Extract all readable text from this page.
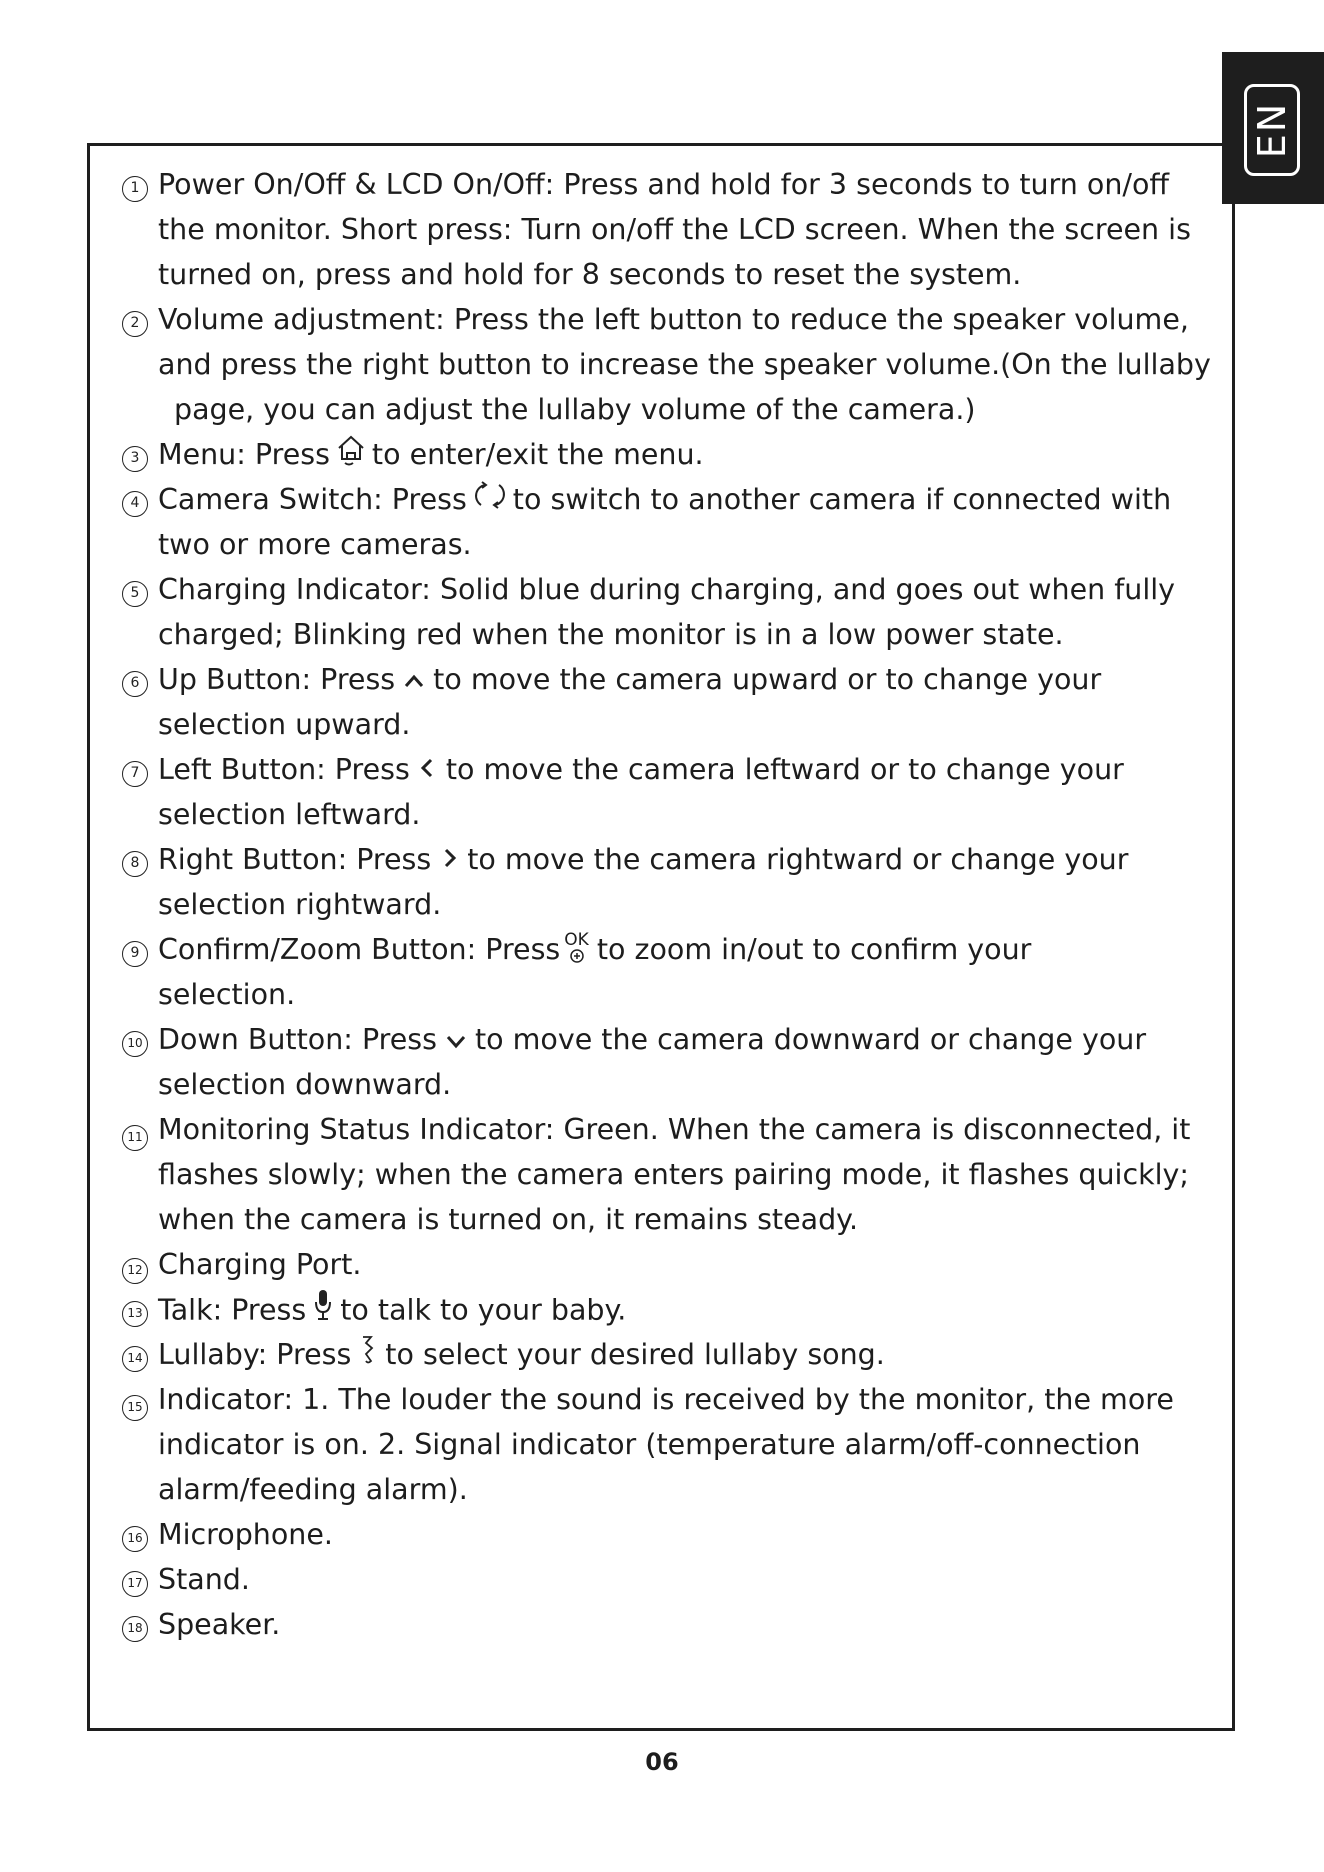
EN
1 Power On/Off & LCD On/Off: Press and hold for 3 seconds to turn on/off
the monitor. Short press: Turn on/off the LCD screen. When the screen is
turned on, press and hold for 8 seconds to reset the system.
2 Volume adjustment: Press the left button to reduce the speaker volume,
and press the right button to increase the speaker volume.(On the lullaby
page, you can adjust the lullaby volume of the camera.)
3 Menu: Press to enter/exit the menu.
4 Camera Switch: Press to switch to another camera if connected with
two or more cameras.
5 Charging Indicator: Solid blue during charging, and goes out when fully
charged; Blinking red when the monitor is in a low power state.
6 Up Button: Press to move the camera upward or to change your
selection upward.
7 Left Button: Press to move the camera leftward or to change your
selection leftward.
8 Right Button: Press to move the camera rightward or change your
selection rightward.
9 Confirm/Zoom Button: Press OK to zoom in/out to confirm your
selection.
10 Down Button: Press to move the camera downward or change your
selection downward.
11 Monitoring Status Indicator: Green. When the camera is disconnected, it
flashes slowly; when the camera enters pairing mode, it flashes quickly;
when the camera is turned on, it remains steady.
12 Charging Port.
13 Talk: Press to talk to your baby.
14 Lullaby: Press to select your desired lullaby song.
15 Indicator: 1. The louder the sound is received by the monitor, the more
indicator is on. 2. Signal indicator (temperature alarm/off-connection
alarm/feeding alarm).
16 Microphone.
17 Stand.
18 Speaker.
06
